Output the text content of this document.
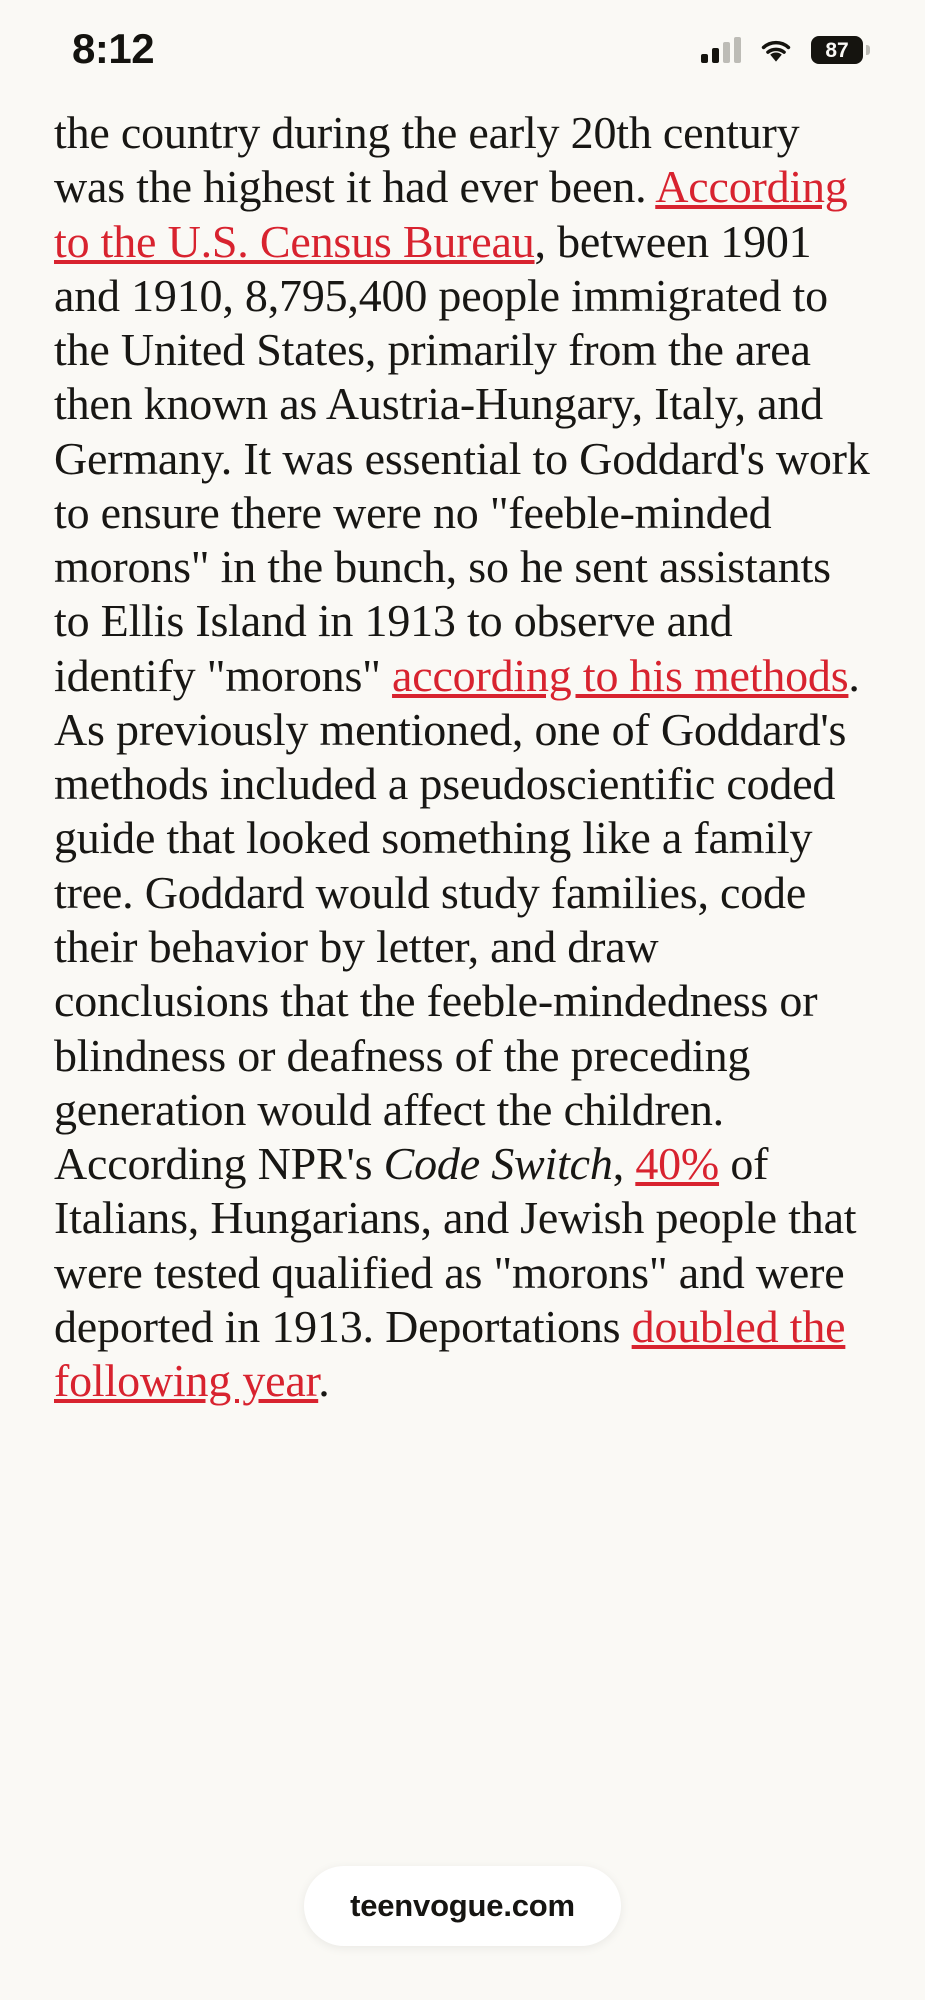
8:12	87

the country during the early 20th century was the highest it had ever been. According to the U.S. Census Bureau, between 1901 and 1910, 8,795,400 people immigrated to the United States, primarily from the area then known as Austria-Hungary, Italy, and Germany. It was essential to Goddard's work to ensure there were no "feeble-minded morons" in the bunch, so he sent assistants to Ellis Island in 1913 to observe and identify "morons" according to his methods. As previously mentioned, one of Goddard's methods included a pseudoscientific coded guide that looked something like a family tree. Goddard would study families, code their behavior by letter, and draw conclusions that the feeble-mindedness or blindness or deafness of the preceding generation would affect the children. According NPR's Code Switch, 40% of Italians, Hungarians, and Jewish people that were tested qualified as "morons" and were deported in 1913. Deportations doubled the following year.

teenvogue.com
